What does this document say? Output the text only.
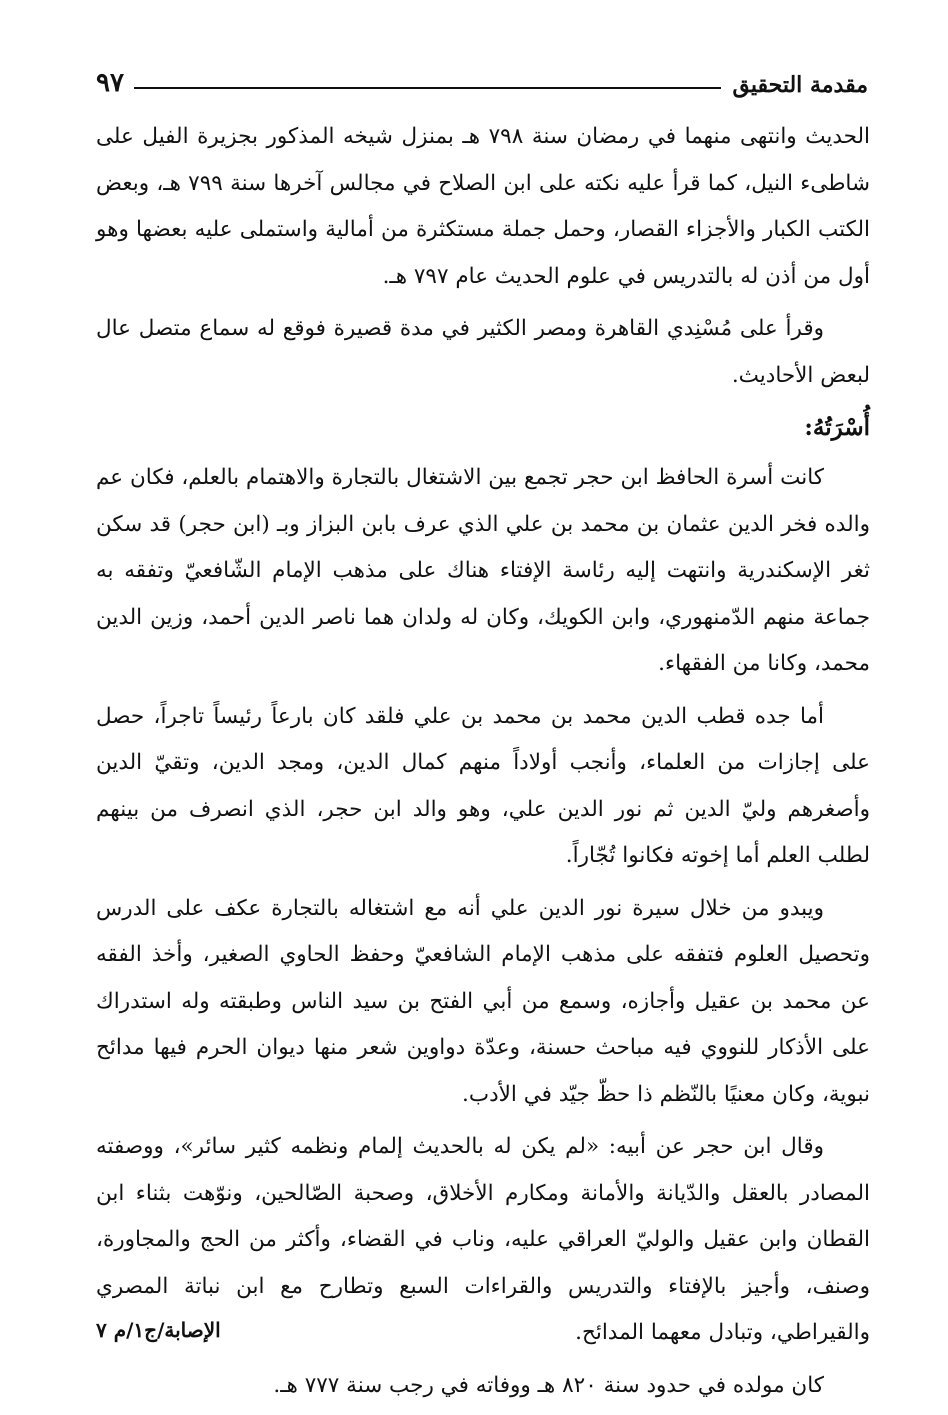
مقدمة التحقيق
٩٧

الحديث وانتهى منهما في رمضان سنة ٧٩٨ هـ بمنزل شيخه المذكور بجزيرة الفيل على شاطىء النيل، كما قرأ عليه نكته على ابن الصلاح في مجالس آخرها سنة ٧٩٩ هـ، وبعض الكتب الكبار والأجزاء القصار، وحمل جملة مستكثرة من أمالية واستملى عليه بعضها وهو أول من أذن له بالتدريس في علوم الحديث عام ٧٩٧ هـ.

وقرأ على مُسْنِدي القاهرة ومصر الكثير في مدة قصيرة فوقع له سماع متصل عال لبعض الأحاديث.

أُسْرَتُهُ:

كانت أسرة الحافظ ابن حجر تجمع بين الاشتغال بالتجارة والاهتمام بالعلم، فكان عم والده فخر الدين عثمان بن محمد بن علي الذي عرف بابن البزاز وبـ (ابن حجر) قد سكن ثغر الإسكندرية وانتهت إليه رئاسة الإفتاء هناك على مذهب الإمام الشّافعيّ وتفقه به جماعة منهم الدّمنهوري، وابن الكويك، وكان له ولدان هما ناصر الدين أحمد، وزين الدين محمد، وكانا من الفقهاء.

أما جده قطب الدين محمد بن محمد بن علي فلقد كان بارعاً رئيساً تاجراً، حصل على إجازات من العلماء، وأنجب أولاداً منهم كمال الدين، ومجد الدين، وتقيّ الدين وأصغرهم وليّ الدين ثم نور الدين علي، وهو والد ابن حجر، الذي انصرف من بينهم لطلب العلم أما إخوته فكانوا تُجّاراً.

ويبدو من خلال سيرة نور الدين علي أنه مع اشتغاله بالتجارة عكف على الدرس وتحصيل العلوم فتفقه على مذهب الإمام الشافعيّ وحفظ الحاوي الصغير، وأخذ الفقه عن محمد بن عقيل وأجازه، وسمع من أبي الفتح بن سيد الناس وطبقته وله استدراك على الأذكار للنووي فيه مباحث حسنة، وعدّة دواوين شعر منها ديوان الحرم فيها مدائح نبوية، وكان معنيًا بالنّظم ذا حظّ جيّد في الأدب.

وقال ابن حجر عن أبيه: «لم يكن له بالحديث إلمام ونظمه كثير سائر»، ووصفته المصادر بالعقل والدّيانة والأمانة ومكارم الأخلاق، وصحبة الصّالحين، ونوّهت بثناء ابن القطان وابن عقيل والوليّ العراقي عليه، وناب في القضاء، وأكثر من الحج والمجاورة، وصنف، وأجيز بالإفتاء والتدريس والقراءات السبع وتطارح مع ابن نباتة المصري والقيراطي، وتبادل معهما المدائح.

كان مولده في حدود سنة ٨٢٠ هـ ووفاته في رجب سنة ٧٧٧ هـ.

الإصابة/ج١/م ٧
